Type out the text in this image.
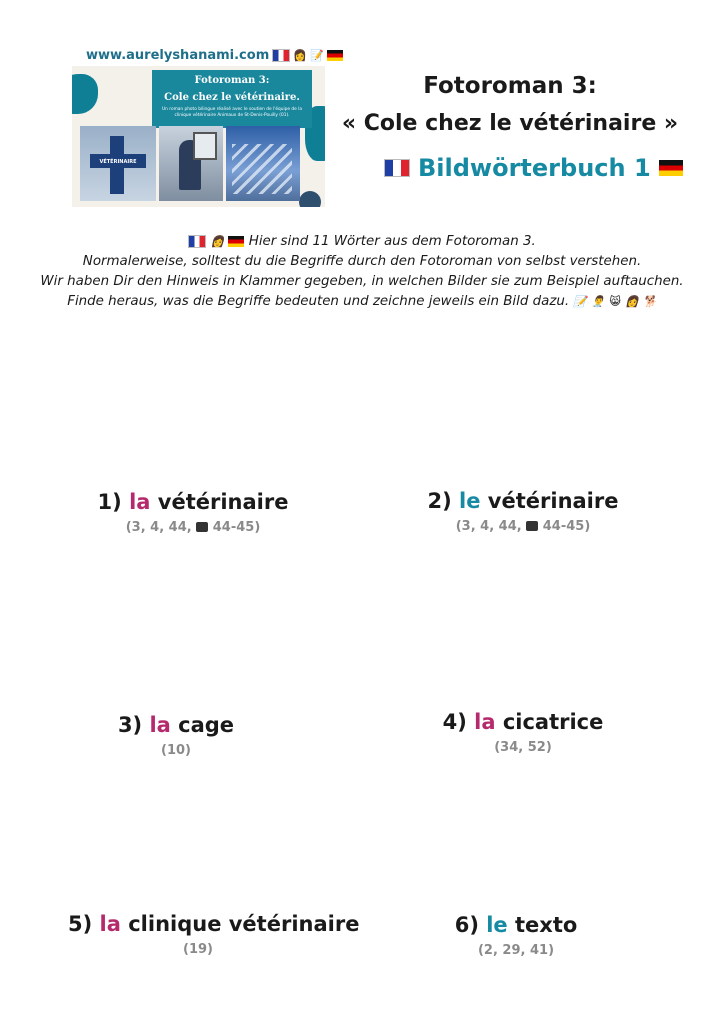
www.aurelyshanami.com 👩 📝
Fotoroman 3:
Cole chez le vétérinaire.
Un roman photo bilingue réalisé avec le soutien de l'équipe de la clinique vétérinaire Animaux de St-Denis-Pouilly (01).
VÉTÉRINAIRE
Fotoroman 3:
« Cole chez le vétérinaire »
Bildwörterbuch 1
👩 Hier sind 11 Wörter aus dem Fotoroman 3.
Normalerweise, solltest du die Begriffe durch den Fotoroman von selbst verstehen.
Wir haben Dir den Hinweis in Klammer gegeben, in welchen Bilder sie zum Beispiel auftauchen.
Finde heraus, was die Begriffe bedeuten und zeichne jeweils ein Bild dazu. 📝 👨‍⚕️ 😸 👩 🐕
1) la vétérinaire
(3, 4, 44, 44-45)
2) le vétérinaire
(3, 4, 44, 44-45)
3) la cage
(10)
4) la cicatrice
(34, 52)
5) la clinique vétérinaire
(19)
6) le texto
(2, 29, 41)
